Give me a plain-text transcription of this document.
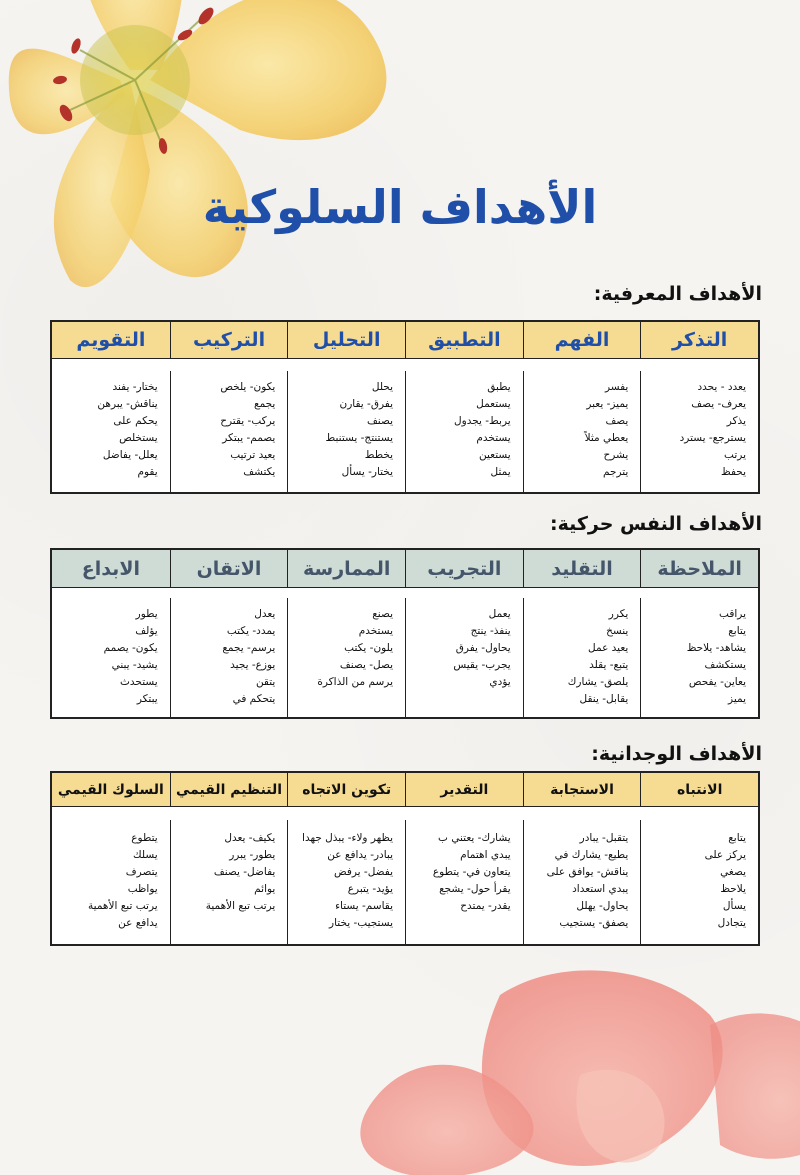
الأهداف السلوكية
الأهداف المعرفية:
التذكر
الفهم
التطبيق
التحليل
التركيب
التقويم
يعدد - يحدد
يعرف- يصف
يذكر
يسترجع- يسترد
يرتب
يحفظ
يفسر
يميز- يعبر
يصف
يعطي مثلاً
يشرح
يترجم
يطبق
يستعمل
يربط- يجدول
يستخدم
يستعين
يمثل
يحلل
يفرق- يقارن
يصنف
يستنتج- يستنبط
يخطط
يختار- يسأل
يكون- يلخص
يجمع
يركب- يقترح
يصمم- يبتكر
يعيد ترتيب
يكتشف
يختار- يفند
يناقش- يبرهن
يحكم على
يستخلص
يعلل- يفاضل
يقوم
الأهداف النفس حركية:
الملاحظة
التقليد
التجريب
الممارسة
الاتقان
الابداع
يراقب
يتابع
يشاهد- يلاحظ
يستكشف
يعاين- يفحص
يميز
يكرر
ينسخ
يعيد عمل
يتبع- يقلد
يلصق- يشارك
يقابل- ينقل
يعمل
ينفذ- ينتج
يحاول- يفرق
يجرب- يقيس
يؤدي
يصنع
يستخدم
يلون- يكتب
يصل- يصنف
يرسم من الذاكرة
يعدل
يمدد- يكتب
يرسم- يجمع
يوزع- يجيد
يتقن
يتحكم في
يطور
يؤلف
يكون- يصمم
يشيد- يبني
يستحدث
يبتكر
الأهداف الوجدانية:
الانتباه
الاستجابة
التقدير
تكوين الاتجاه
التنظيم القيمي
السلوك القيمي
يتابع
يركز على
يصغي
يلاحظ
يسأل
يتجادل
يتقبل- يبادر
يطيع- يشارك في
يناقش- يوافق على
يبدي استعداد
يحاول- يهلل
يصفق- يستجيب
يشارك- يعتني ب
يبدي اهتمام
يتعاون في- يتطوع
يقرأ حول- يشجع
يقدر- يمتدح
يظهر ولاء- يبذل جهدا
يبادر- يدافع عن
يفضل- يرفض
يؤيد- يتبرع
يقاسم- يستاء
يستجيب- يختار
يكيف- يعدل
يطور- يبرر
يفاضل- يصنف
يوائم
يرتب تبع الأهمية
يتطوع
يسلك
يتصرف
يواظب
يرتب تبع الأهمية
يدافع عن
